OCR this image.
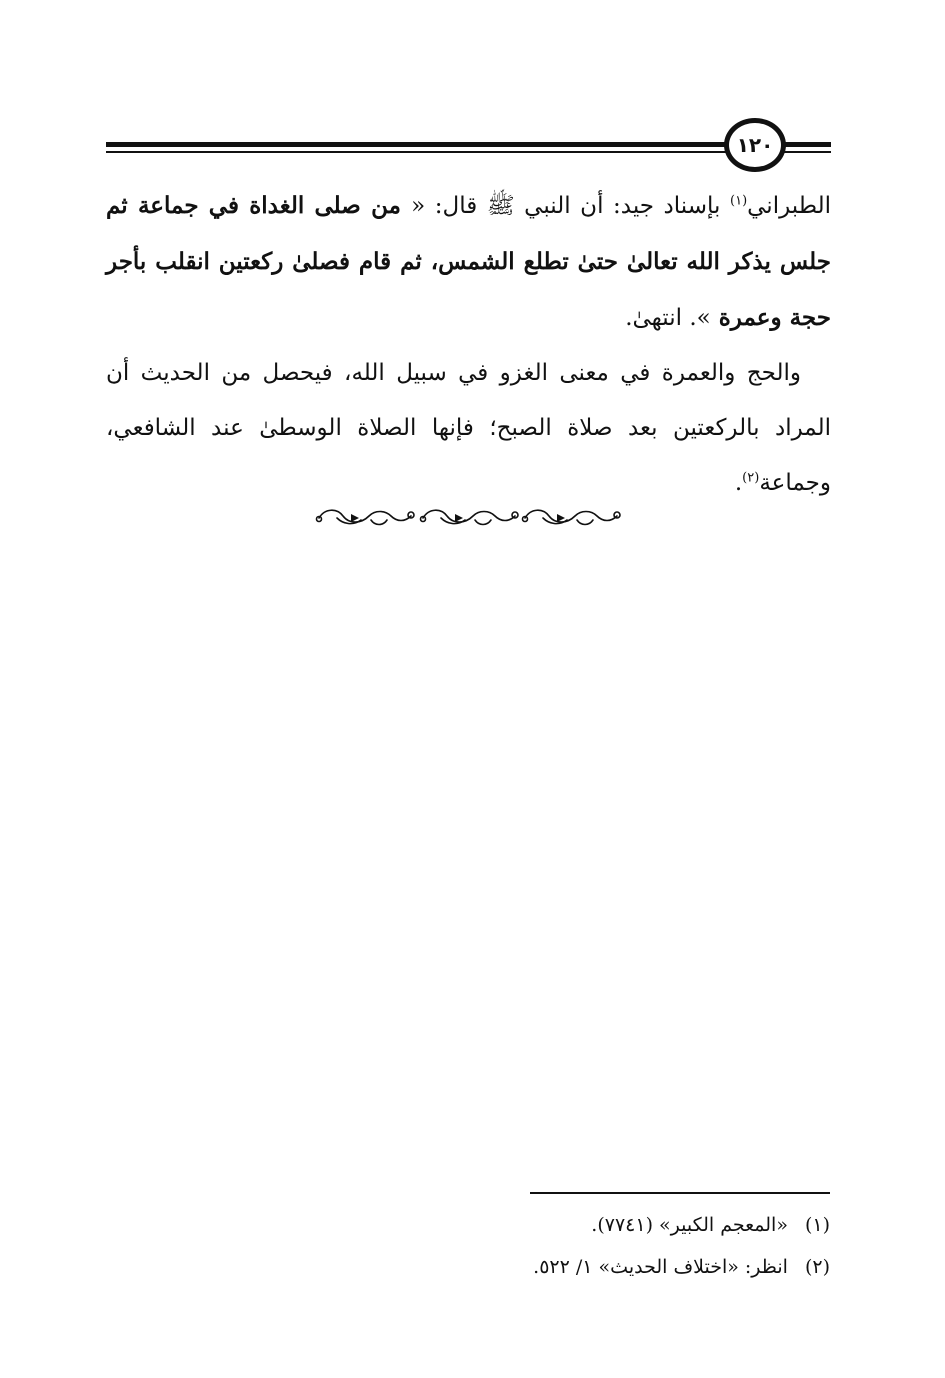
١٢٠

الطبراني$^{(١)}$ بإسناد جيد: أن النبي ﷺ قال: « من صلى الغداة في جماعة ثم جلس يذكر الله تعالىٰ حتىٰ تطلع الشمس، ثم قام فصلىٰ ركعتين انقلب بأجر حجة وعمرة ». انتهىٰ.

والحج والعمرة في معنى الغزو في سبيل الله، فيحصل من الحديث أن المراد بالركعتين بعد صلاة الصبح؛ فإنها الصلاة الوسطىٰ عند الشافعي، وجماعة$^{(٢)}$.

(١) «المعجم الكبير» (٧٧٤١).
(٢) انظر: «اختلاف الحديث» ١/ ٥٢٢.
